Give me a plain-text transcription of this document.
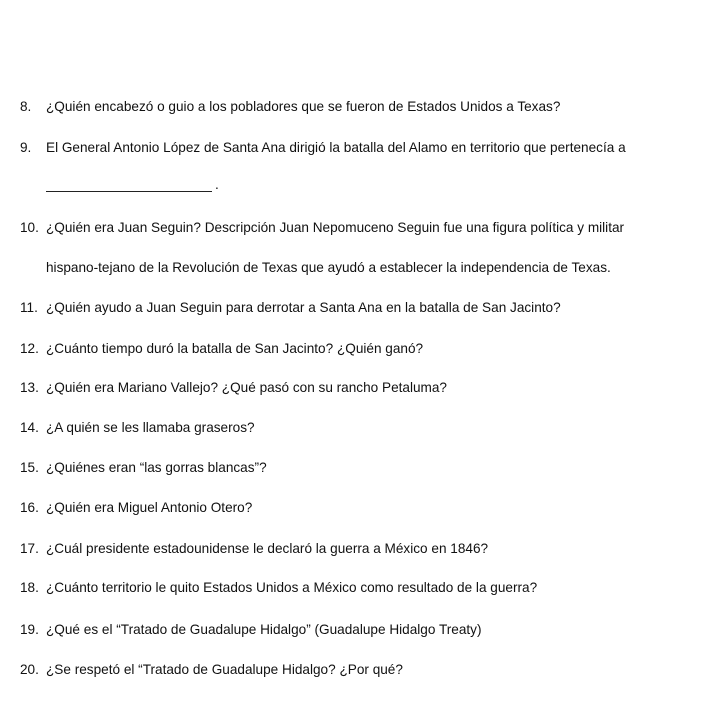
8.	¿Quién encabezó o guio a los pobladores que se fueron de Estados Unidos a Texas?
9.	El General Antonio López de Santa Ana dirigió la batalla del Alamo en territorio que pertenecía a
.
10. ¿Quién era Juan Seguin? Descripción Juan Nepomuceno Seguin fue una figura política y militar
hispano-tejano de la Revolución de Texas que ayudó a establecer la independencia de Texas.
11. ¿Quién ayudo a Juan Seguin para derrotar a Santa Ana en la batalla de San Jacinto?
12. ¿Cuánto tiempo duró la batalla de San Jacinto? ¿Quién ganó?
13. ¿Quién era Mariano Vallejo? ¿Qué pasó con su rancho Petaluma?
14. ¿A quién se les llamaba graseros?
15. ¿Quiénes eran “las gorras blancas”?
16. ¿Quién era Miguel Antonio Otero?
17. ¿Cuál presidente estadounidense le declaró la guerra a México en 1846?
18. ¿Cuánto territorio le quito Estados Unidos a México como resultado de la guerra?
19. ¿Qué es el “Tratado de Guadalupe Hidalgo” (Guadalupe Hidalgo Treaty)
20. ¿Se respetó el “Tratado de Guadalupe Hidalgo? ¿Por qué?
